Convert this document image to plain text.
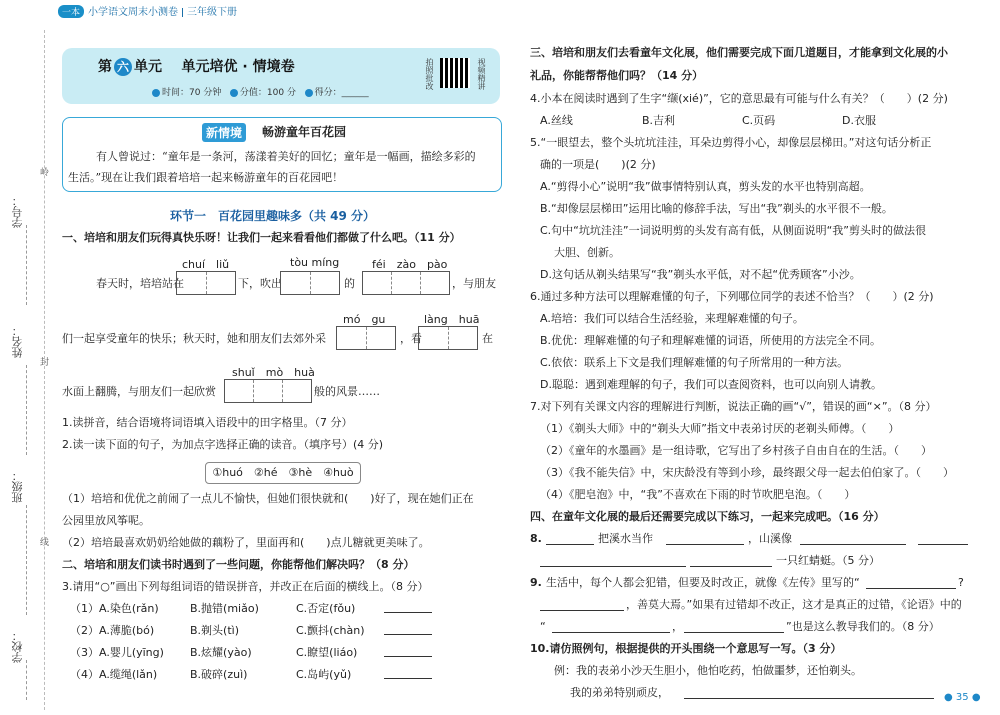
一本 小学语文周末小测卷 三年级下册
学号：
姓名：
班级：
学校：
岭
封
线
第 六 单元 单元培优 · 情境卷
时间：70 分钟 分值：100 分 得分：______
拍照批改	视频精讲
新情境	畅游童年百花园
有人曾说过：“童年是一条河，荡漾着美好的回忆；童年是一幅画，描绘多彩的
生活。”现在让我们跟着培培一起来畅游童年的百花园吧！
环节一　百花园里趣味多（共 49 分）
一、培培和朋友们玩得真快乐呀！让我们一起来看看他们都做了什么吧。（11 分）
chuí　liǔ	tòu míng	féi　zào　pào
春天时，培培站在	下，吹出	的	，与朋友
mó　gu	làng　huā
们一起享受童年的快乐；秋天时，她和朋友们去郊外采	，看	在
shuǐ　mò　huà
水面上翻腾，与朋友们一起欣赏	般的风景……
1.读拼音，结合语境将词语填入语段中的田字格里。（7 分）
2.读一读下面的句子，为加点字选择正确的读音。（填序号）(4 分)
①huó　②hé　③hè　④huò
（1）培培和优优之前闹了一点儿不愉快，但她们很快就和(　　)好了，现在她们正在
公园里放风筝呢。
（2）培培最喜欢奶奶给她做的藕粉了，里面再和(　　)点儿糖就更美味了。
二、培培和朋友们读书时遇到了一些问题，你能帮他们解决吗？（8 分）
3.请用“○”画出下列每组词语的错误拼音，并改正在后面的横线上。（8 分）
（1）A.染色(rǎn)	B.抛错(miǎo)	C.否定(fǒu)
（2）A.薄脆(bó)	B.剃头(tì)	C.颤抖(chàn)
（3）A.婴儿(yīng) B.炫耀(yào)	C.瞭望(liáo)
（4）A.缆绳(lǎn)	B.破碎(zuì)	C.岛屿(yǔ)
三、培培和朋友们去看童年文化展，他们需要完成下面几道题目，才能拿到文化展的小
礼品，你能帮帮他们吗？（14 分）
4.小本在阅读时遇到了生字“缬(xié)”，它的意思最有可能与什么有关？（　　）(2 分)
A.丝线	B.吉利	C.页码	D.衣服
5.“一眼望去，整个头坑坑洼洼，耳朵边剪得小心，却像层层梯田。”对这句话分析正
确的一项是(　　)(2 分)
A.“剪得小心”说明“我”做事情特别认真，剪头发的水平也特别高超。
B.“却像层层梯田”运用比喻的修辞手法，写出“我”剃头的水平很不一般。
C.句中“坑坑洼洼”一词说明剪的头发有高有低，从侧面说明“我”剪头时的做法很
大胆、创新。
D.这句话从剃头结果写“我”剃头水平低，对不起“优秀顾客”小沙。
6.通过多种方法可以理解难懂的句子，下列哪位同学的表述不恰当？（　　）(2 分)
A.培培：我们可以结合生活经验，来理解难懂的句子。
B.优优：理解难懂的句子和理解难懂的词语，所使用的方法完全不同。
C.依依：联系上下文是我们理解难懂的句子所常用的一种方法。
D.聪聪：遇到难理解的句子，我们可以查阅资料，也可以向别人请教。
7.对下列有关课文内容的理解进行判断，说法正确的画“√”，错误的画“×”。（8 分）
（1）《剃头大师》中的“剃头大师”指文中表弟讨厌的老剃头师傅。（　　）
（2）《童年的水墨画》是一组诗歌，它写出了乡村孩子自由自在的生活。（　　）
（3）《我不能失信》中，宋庆龄没有等到小珍，最终跟父母一起去伯伯家了。（　　）
（4）《肥皂泡》中，“我”不喜欢在下雨的时节吹肥皂泡。（　　）
四、在童年文化展的最后还需要完成以下练习，一起来完成吧。（16 分）
8.	把溪水当作	，山溪像
一只红蜻蜓。（5 分）
9. 生活中，每个人都会犯错，但要及时改正，就像《左传》里写的“	?
，善莫大焉。”如果有过错却不改正，这才是真正的过错，《论语》中的
“	，	”也是这么教导我们的。（8 分）
10.请仿照例句，根据提供的开头围绕一个意思写一写。（3 分）
例：我的表弟小沙天生胆小，他怕吃药，怕做噩梦，还怕剃头。
我的弟弟特别顽皮，	● 35 ●
